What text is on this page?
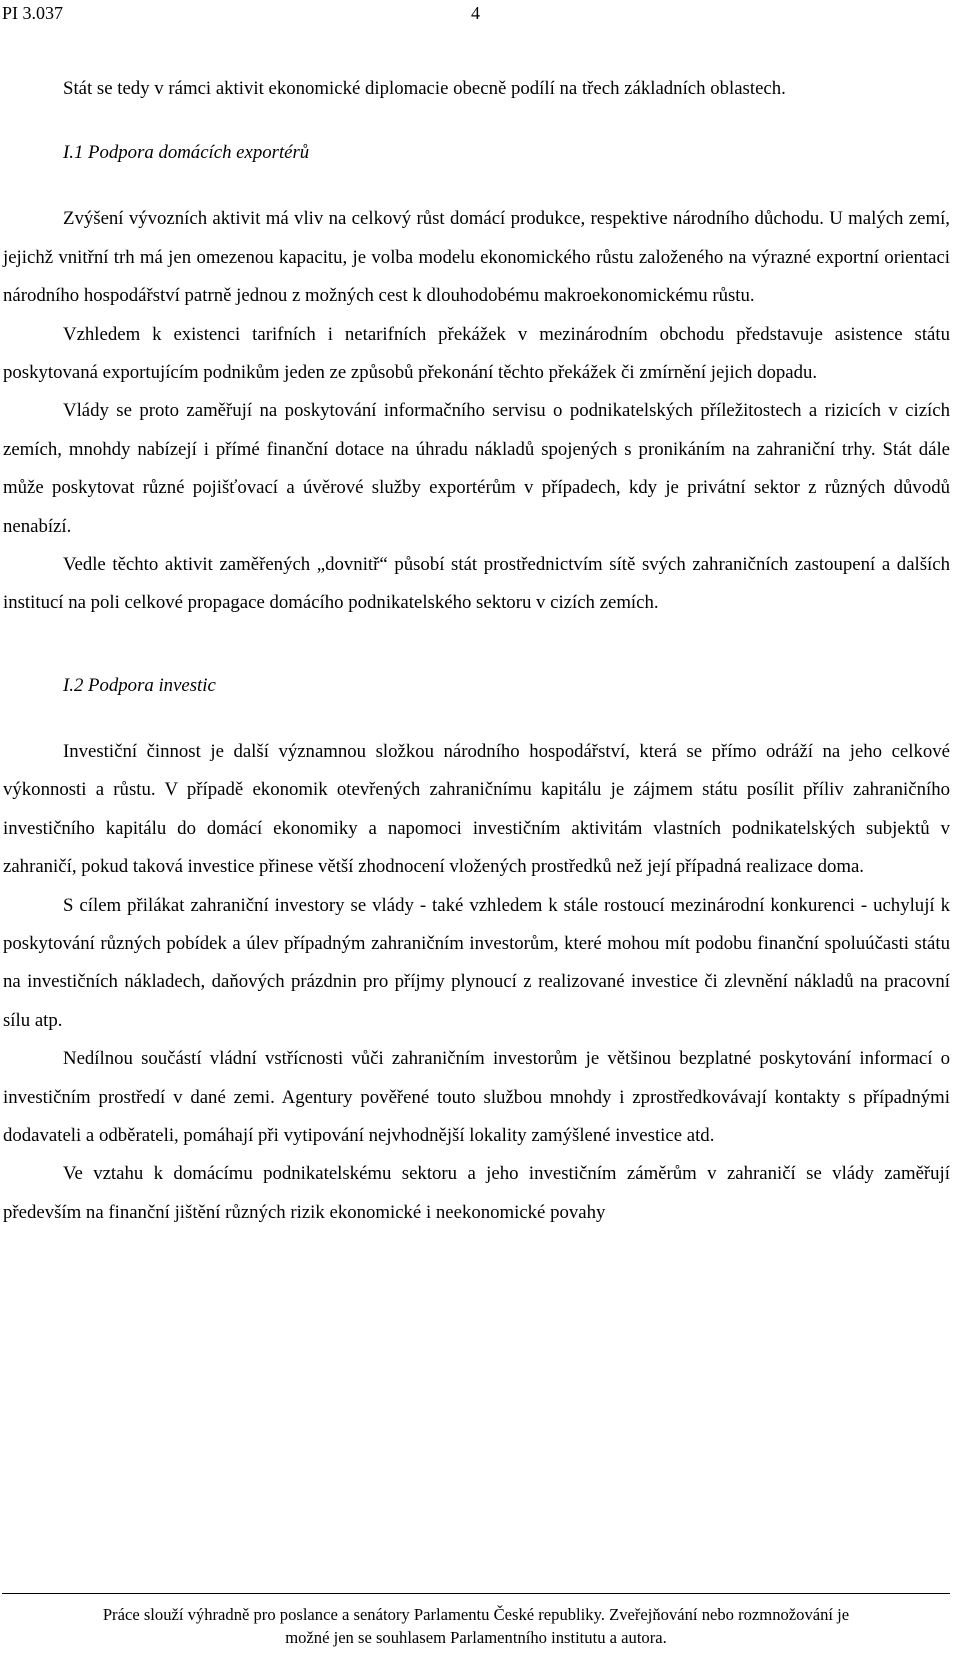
PI 3.037	4

Stát se tedy v rámci aktivit ekonomické diplomacie obecně podílí na třech základních oblastech.

I.1 Podpora domácích exportérů

Zvýšení vývozních aktivit má vliv na celkový růst domácí produkce, respektive národního důchodu. U malých zemí, jejichž vnitřní trh má jen omezenou kapacitu, je volba modelu ekonomického růstu založeného na výrazné exportní orientaci národního hospodářství patrně jednou z možných cest k dlouhodobému makroekonomickému růstu.

Vzhledem k existenci tarifních i netarifních překážek v mezinárodním obchodu představuje asistence státu poskytovaná exportujícím podnikům jeden ze způsobů překonání těchto překážek či zmírnění jejich dopadu.

Vlády se proto zaměřují na poskytování informačního servisu o podnikatelských příležitostech a rizicích v cizích zemích, mnohdy nabízejí i přímé finanční dotace na úhradu nákladů spojených s pronikáním na zahraniční trhy. Stát dále může poskytovat různé pojišťovací a úvěrové služby exportérům v případech, kdy je privátní sektor z různých důvodů nenabízí.

Vedle těchto aktivit zaměřených „dovnitř“ působí stát prostřednictvím sítě svých zahraničních zastoupení a dalších institucí na poli celkové propagace domácího podnikatelského sektoru v cizích zemích.

I.2 Podpora investic

Investiční činnost je další významnou složkou národního hospodářství, která se přímo odráží na jeho celkové výkonnosti a růstu. V případě ekonomik otevřených zahraničnímu kapitálu je zájmem státu posílit příliv zahraničního investičního kapitálu do domácí ekonomiky a napomoci investičním aktivitám vlastních podnikatelských subjektů v zahraničí, pokud taková investice přinese větší zhodnocení vložených prostředků než její případná realizace doma.

S cílem přilákat zahraniční investory se vlády - také vzhledem k stále rostoucí mezinárodní konkurenci - uchylují k poskytování různých pobídek a úlev případným zahraničním investorům, které mohou mít podobu finanční spoluúčasti státu na investičních nákladech, daňových prázdnin pro příjmy plynoucí z realizované investice či zlevnění nákladů na pracovní sílu atp.

Nedílnou součástí vládní vstřícnosti vůči zahraničním investorům je většinou bezplatné poskytování informací o investičním prostředí v dané zemi. Agentury pověřené touto službou mnohdy i zprostředkovávají kontakty s případnými dodavateli a odběrateli, pomáhají při vytipování nejvhodnější lokality zamýšlené investice atd.

Ve vztahu k domácímu podnikatelskému sektoru a jeho investičním záměrům v zahraničí se vlády zaměřují především na finanční jištění různých rizik ekonomické i neekonomické povahy

Práce slouží výhradně pro poslance a senátory Parlamentu České republiky. Zveřejňování nebo rozmnožování je
možné jen se souhlasem Parlamentního institutu a autora.
